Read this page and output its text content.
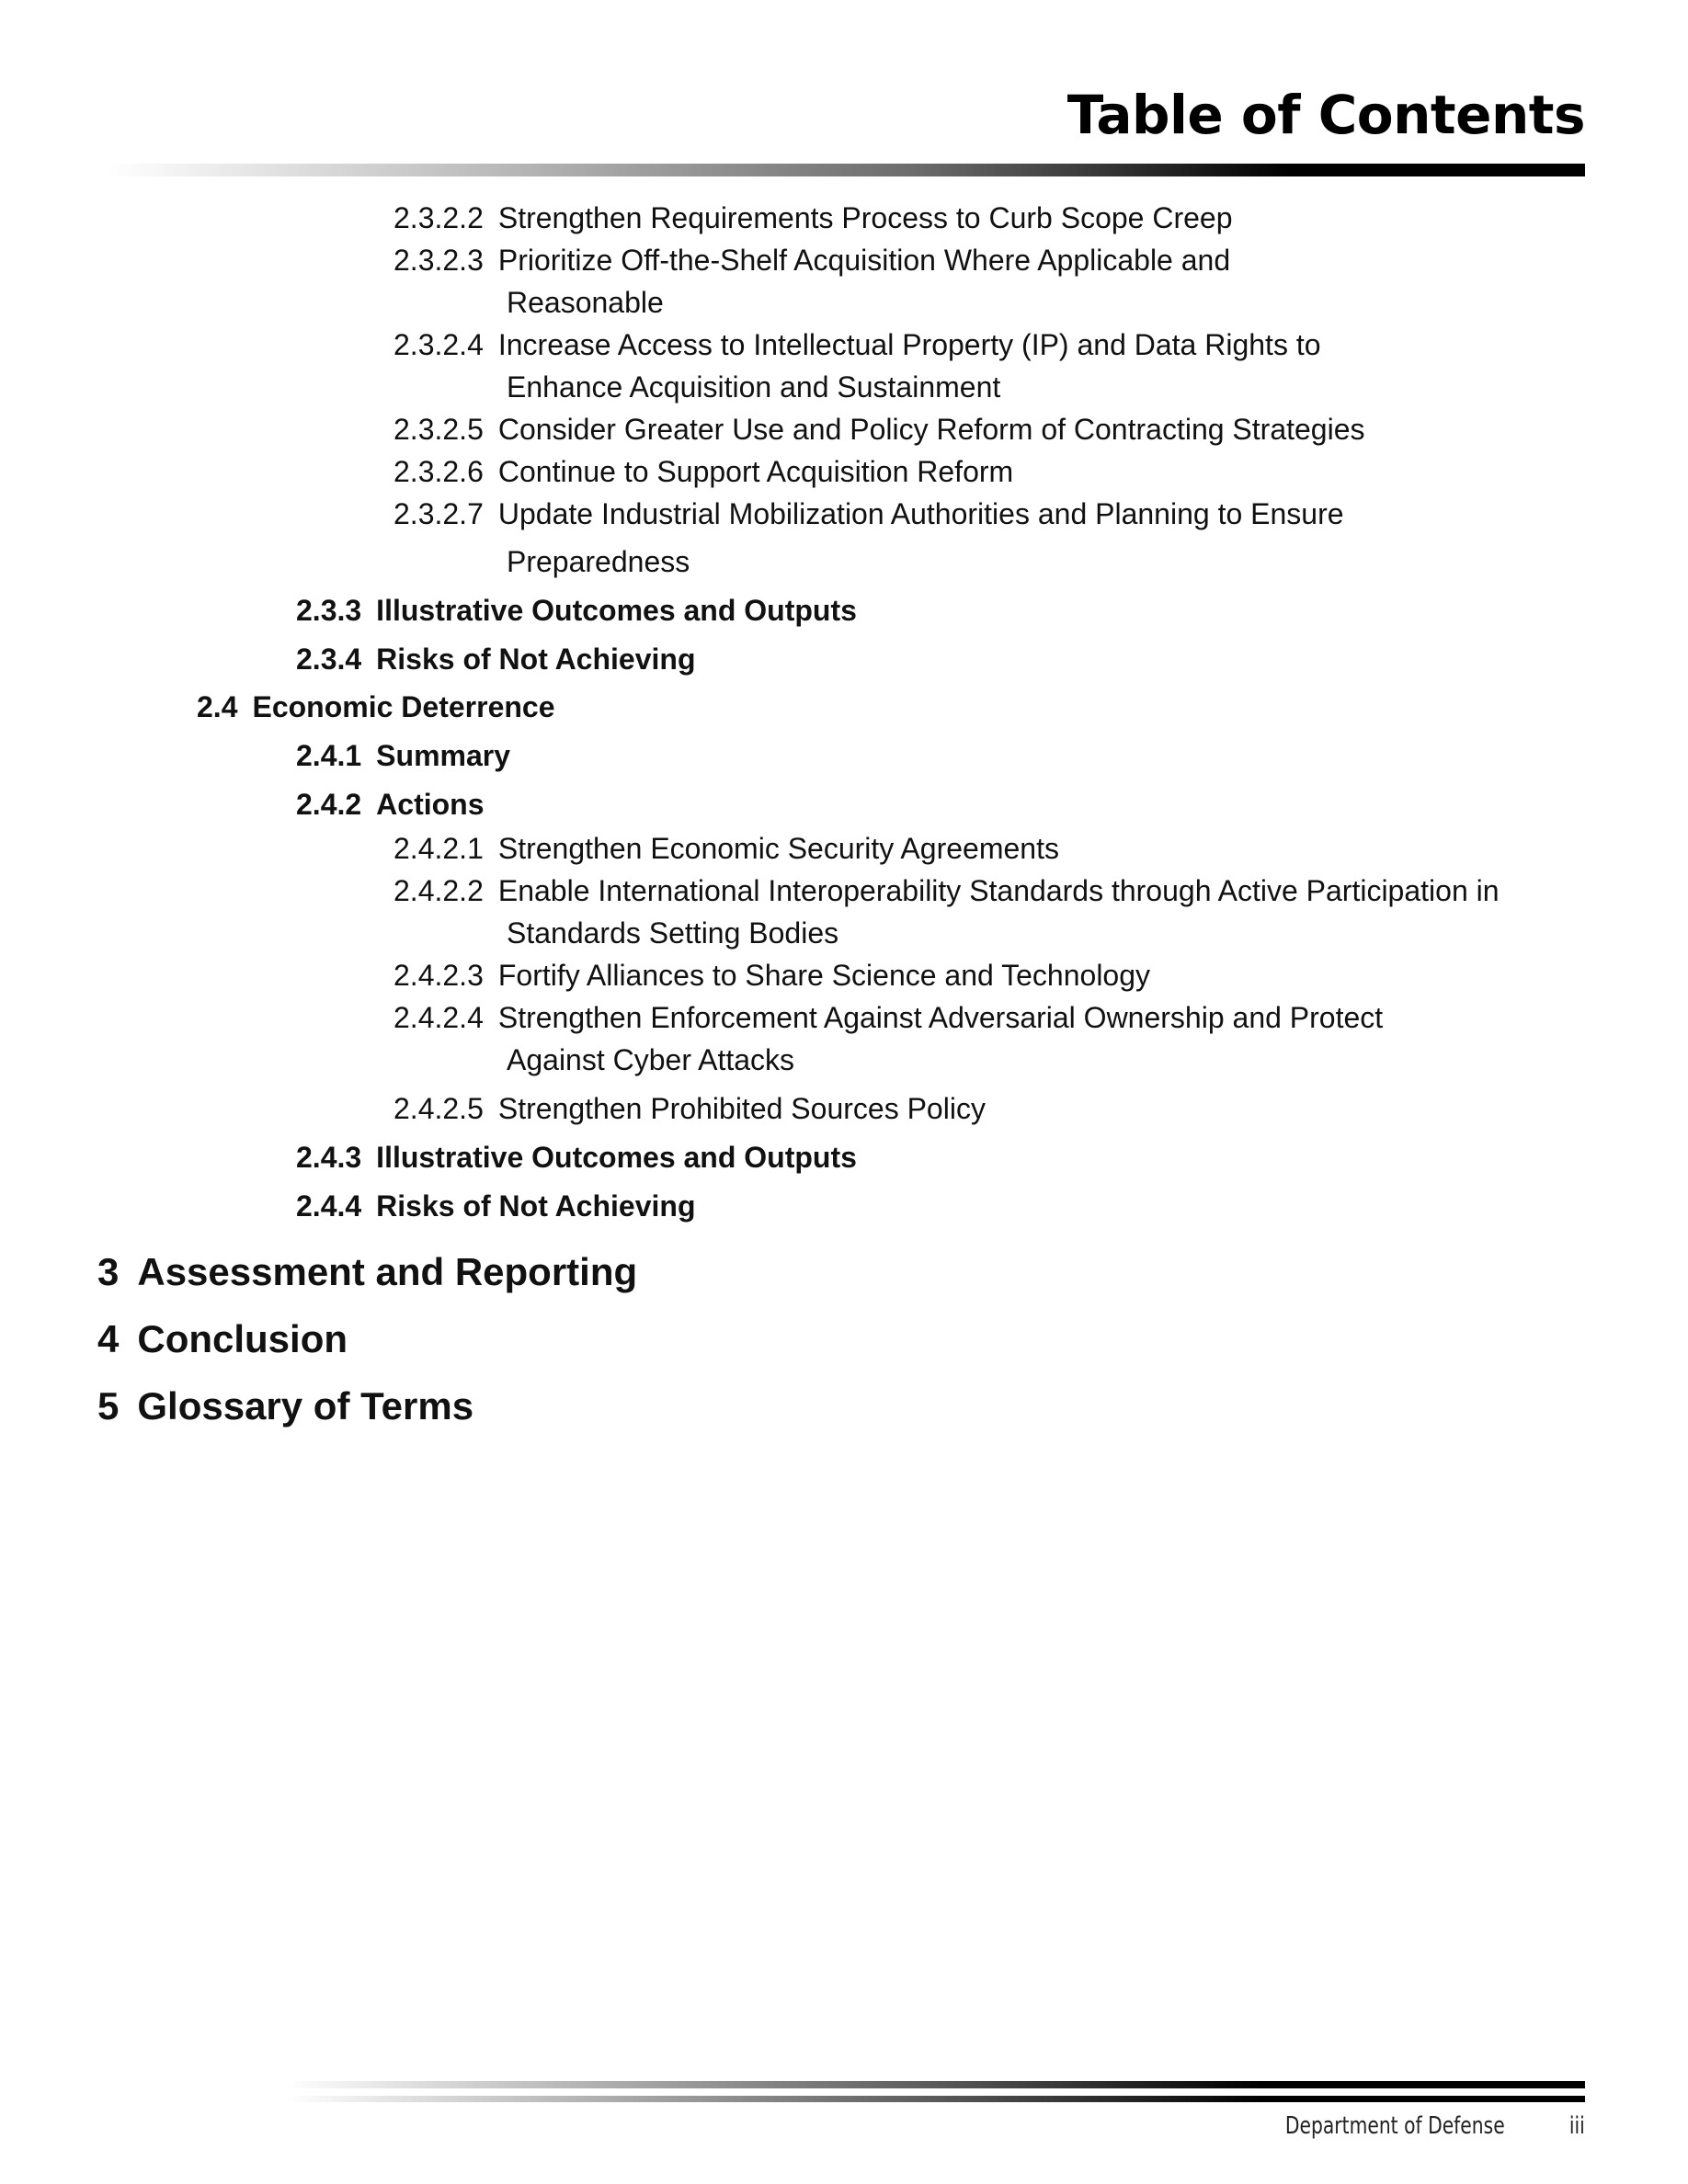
Table of Contents
2.3.2.2 Strengthen Requirements Process to Curb Scope Creep
2.3.2.3 Prioritize Off-the-Shelf Acquisition Where Applicable and
Reasonable
2.3.2.4 Increase Access to Intellectual Property (IP) and Data Rights to
Enhance Acquisition and Sustainment
2.3.2.5 Consider Greater Use and Policy Reform of Contracting Strategies
2.3.2.6 Continue to Support Acquisition Reform
2.3.2.7 Update Industrial Mobilization Authorities and Planning to Ensure
Preparedness
2.3.3 Illustrative Outcomes and Outputs
2.3.4 Risks of Not Achieving
2.4 Economic Deterrence
2.4.1 Summary
2.4.2 Actions
2.4.2.1 Strengthen Economic Security Agreements
2.4.2.2 Enable International Interoperability Standards through Active Participation in
Standards Setting Bodies
2.4.2.3 Fortify Alliances to Share Science and Technology
2.4.2.4 Strengthen Enforcement Against Adversarial Ownership and Protect
Against Cyber Attacks
2.4.2.5 Strengthen Prohibited Sources Policy
2.4.3 Illustrative Outcomes and Outputs
2.4.4 Risks of Not Achieving
3 Assessment and Reporting
4 Conclusion
5 Glossary of Terms
Department of Defense	iii
